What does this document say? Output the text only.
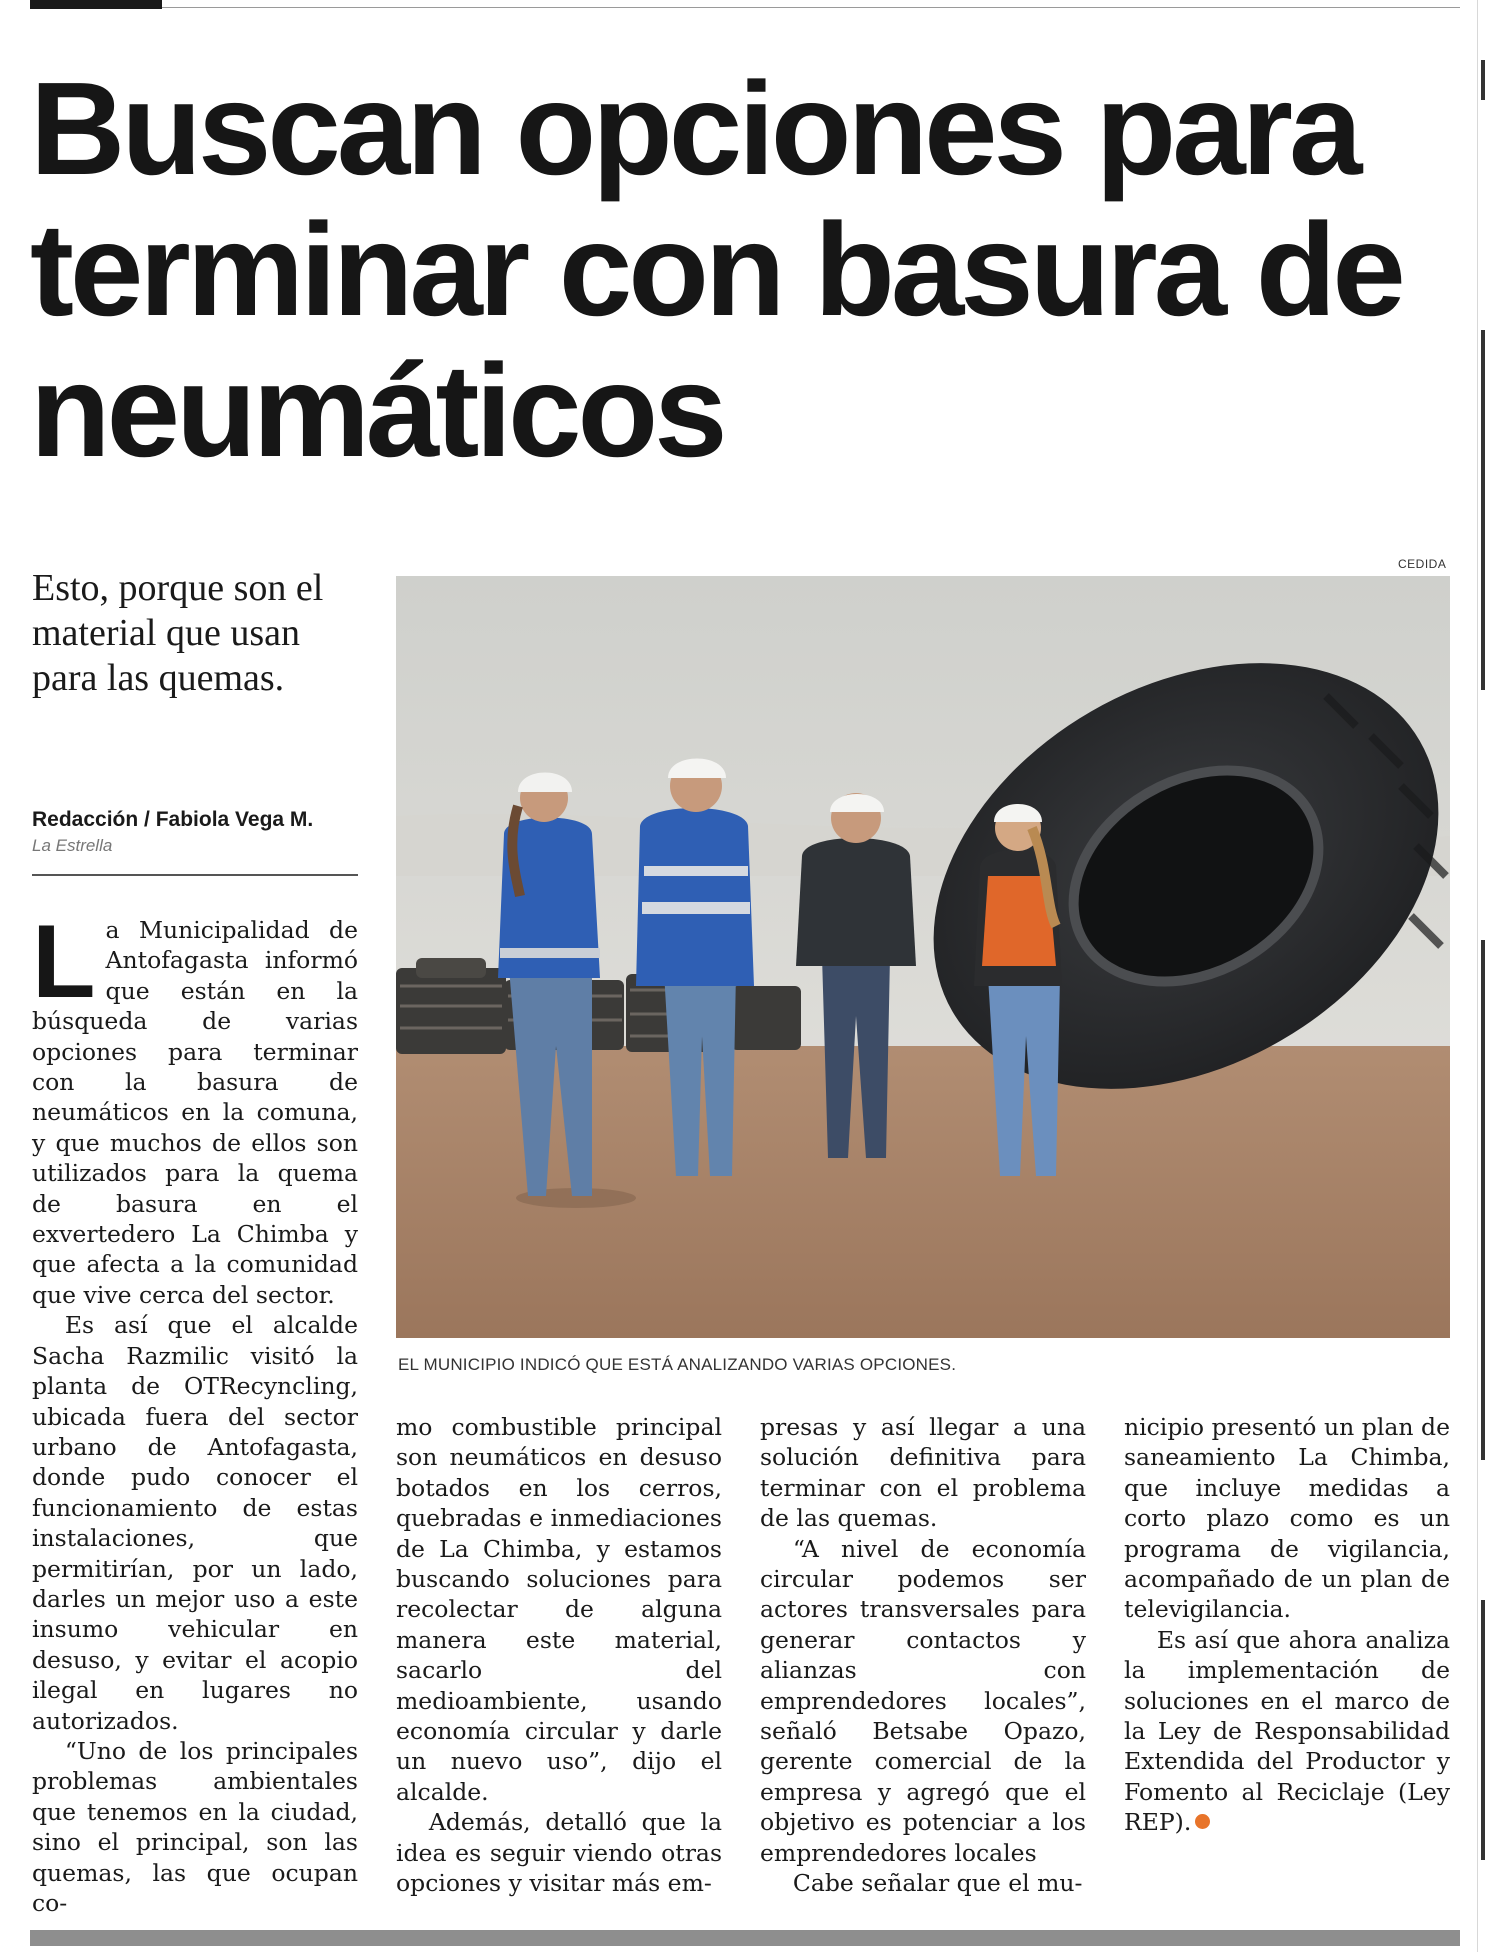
Buscan opciones para terminar con basura de neumáticos

Esto, porque son el material que usan para las quemas.

Redacción / Fabiola Vega M.

La Estrella

CEDIDA
EL MUNICIPIO INDICÓ QUE ESTÁ ANALIZANDO VARIAS OPCIONES.

La Municipalidad de Antofagasta informó que están en la búsqueda de varias opciones para terminar con la basura de neumáticos en la comuna, y que muchos de ellos son utilizados para la quema de basura en el exvertedero La Chimba y que afecta a la comunidad que vive cerca del sector.

Es así que el alcalde Sacha Razmilic visitó la planta de OTRecyncling, ubicada fuera del sector urbano de Antofagasta, donde pudo conocer el funcionamiento de estas instalaciones, que permitirían, por un lado, darles un mejor uso a este insumo vehicular en desuso, y evitar el acopio ilegal en lugares no autorizados.

“Uno de los principales problemas ambientales que tenemos en la ciudad, sino el principal, son las quemas, las que ocupan co-

mo combustible principal son neumáticos en desuso botados en los cerros, quebradas e inmediaciones de La Chimba, y estamos buscando soluciones para recolectar de alguna manera este material, sacarlo del medioambiente, usando economía circular y darle un nuevo uso”, dijo el alcalde.

Además, detalló que la idea es seguir viendo otras opciones y visitar más em-

presas y así llegar a una solución definitiva para terminar con el problema de las quemas.

“A nivel de economía circular podemos ser actores transversales para generar contactos y alianzas con emprendedores locales”, señaló Betsabe Opazo, gerente comercial de la empresa y agregó que el objetivo es potenciar a los emprendedores locales

Cabe señalar que el mu-

nicipio presentó un plan de saneamiento La Chimba, que incluye medidas a corto plazo como es un programa de vigilancia, acompañado de un plan de televigilancia.

Es así que ahora analiza la implementación de soluciones en el marco de la Ley de Responsabilidad Extendida del Productor y Fomento al Reciclaje (Ley REP).
